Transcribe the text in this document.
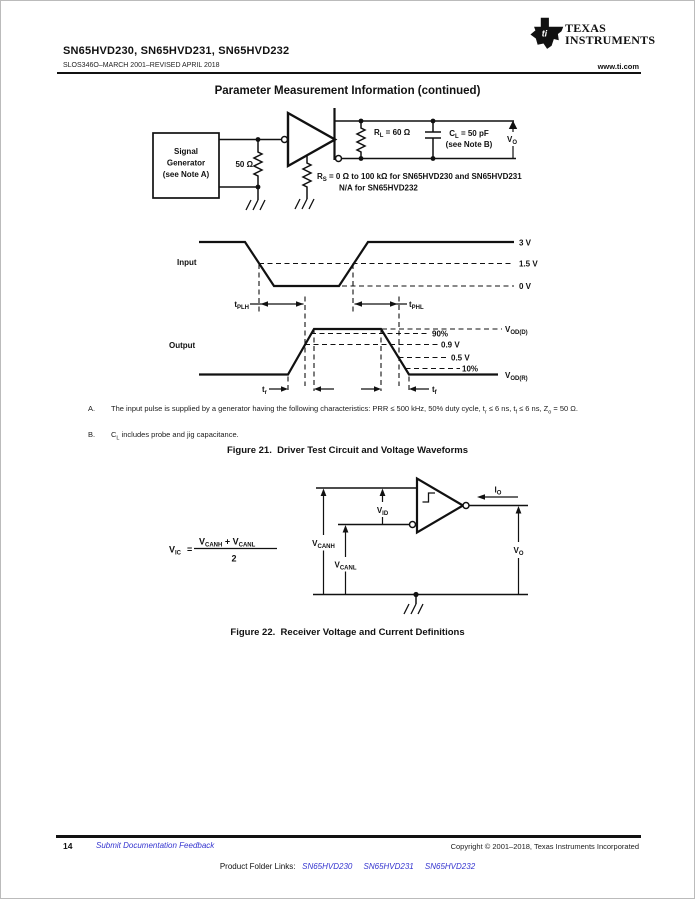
SN65HVD230, SN65HVD231, SN65HVD232
ti TEXAS
INSTRUMENTS
SLOS346O–MARCH 2001–REVISED APRIL 2018	www.ti.com
Parameter Measurement Information (continued)
Signal
Generator
(see Note A)
50 Ω
$R_L = 60$ Ω	$C_L = 50$ pF
(see Note B)
$V_O$
$R_S = 0$ Ω to 100 kΩ for SN65HVD230 and SN65HVD231
N/A for SN65HVD232
Input
3 V
1.5 V
0 V
$t_{PLH}$	$t_{PHL}$
Output
90%
0.9 V
0.5 V
10%
$V_{OD(D)}$
$V_{OD(R)}$
$t_r$	$t_f$
A. The input pulse is supplied by a generator having the following characteristics: PRR ≤ 500 kHz, 50% duty cycle, $t_r \le 6$ ns, $t_f \le 6$ ns, $Z_o = 50$ Ω.
B. $C_L$ includes probe and jig capacitance.
Figure 21.  Driver Test Circuit and Voltage Waveforms
$V_{IC}$ =
$V_{CANH} + V_{CANL}$
2
$I_O$
$V_{ID}$
$V_{CANH}$
$V_{CANL}$
$V_O$
Figure 22.  Receiver Voltage and Current Definitions
14	Submit Documentation Feedback	Copyright © 2001–2018, Texas Instruments Incorporated
Product Folder Links:  SN65HVD230 SN65HVD231 SN65HVD232
